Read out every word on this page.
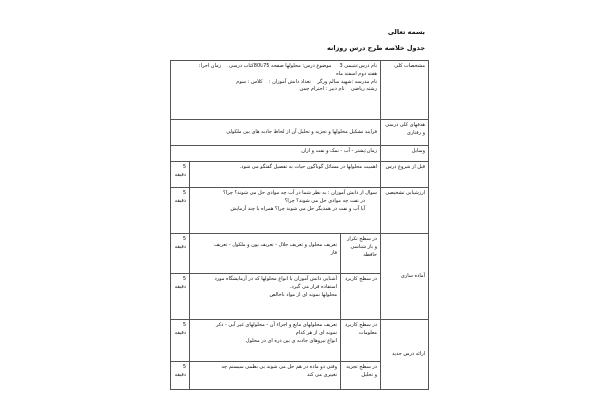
بسمه تعالی
جدول خلاصه طرح درس روزانه
مشخصات کلی	نام درس:شیمی 3     موضوع درس: محلولها صفحه 75تا80کتاب درسی     زمان اجرا:
هفته دوم اسفند ماه
نام مدرسه :شهید سالم ورگر    تعداد دانش آموزان :    کلاس : سوم
رشته ریاضی    نام دبیر : احترام چمن		

هدفهای کلی درسی و رفتاری	فرایند تشکیل محلولها و تجزیه و تحلیل آن از لحاظ جاذبه های بین ملکولی		
وسایل	زمان:پشتر - آب - نمک و نفت و ازان		
قبل از شروع درس	اهمیت محلولها در مسائل گوناگون حیات به تفصیل گفتگو می شود.		5 دقیقه
ارزشیابی تشخیصی	سوال از دانش آموزان : به نظر شما در آب چه موادی حل می شوند؟ چرا؟
در نفت چه موادی حل می شوند؟ چرا؟
آیا آب و نفت در همدیگر حل می شوند چرا؟ همراه با چند آزمایش		5 دقیقه
آماده سازی	در سطح تکرار و باز شناسی حافظه	تعریف محلول و تعریف حلال - تعریف یون و ملکول - تعریف
فاز	5 دقیقه
	در سطح کاربرد	آشنایی دانش آموزان با انواع محلولها که در آزمایشگاه مورد
استفاده قرار می گیرد.
محلولها نمونه ای از مواد ناخالص	5 دقیقه
ارائه درس جدید	در سطح کاربرد معلومات	تعریف محلولهای مایع و اجزاء آن - محلولهای غیر آبی - ذکر
نمونه ای از هر کدام
انواع نیروهای جاذبه ی بین ذره ای در محلول	5 دقیقه
	در سطح تجزیه و تحلیل	وقتی دو ماده در هم حل می شوند بی نظمی سیستم چه
تغییری می کند	5 دقیقه
